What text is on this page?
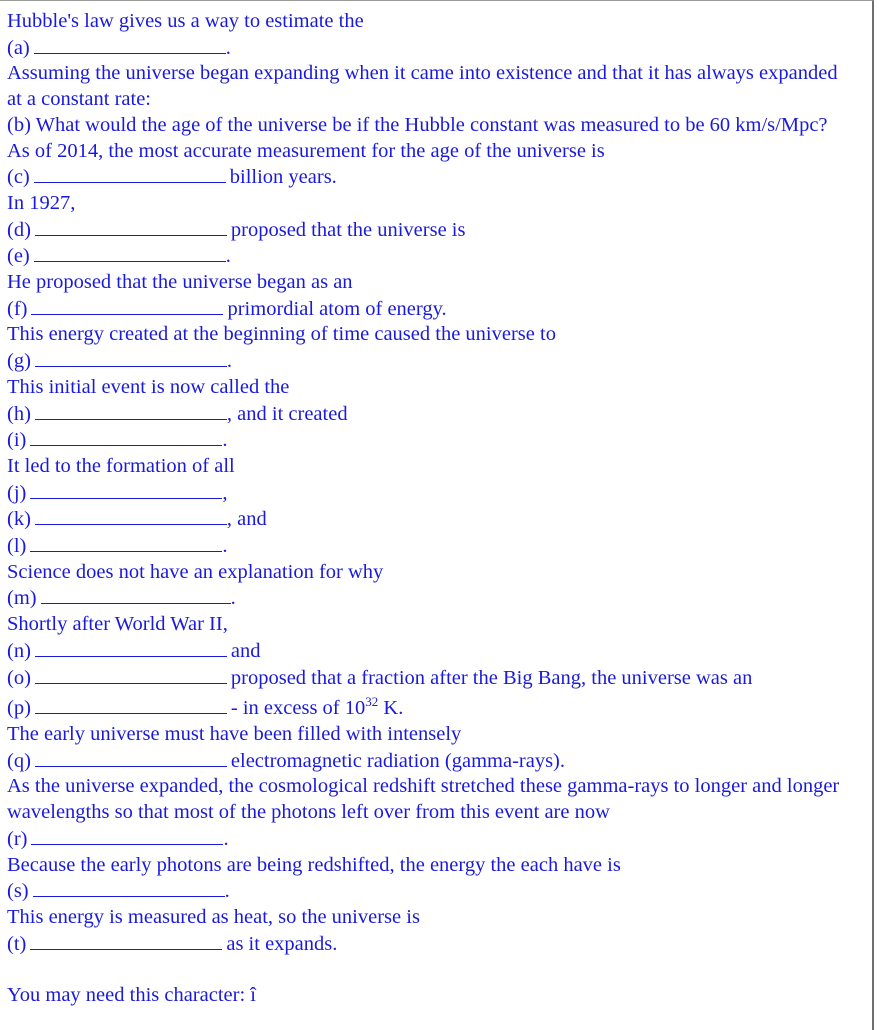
Hubble's law gives us a way to estimate the
(a)	.
Assuming the universe began expanding when it came into existence and that it has always expanded at a constant rate:
(b) What would the age of the universe be if the Hubble constant was measured to be 60 km/s/Mpc?
As of 2014, the most accurate measurement for the age of the universe is
(c)	billion years.
In 1927,
(d)	proposed that the universe is
(e)	.
He proposed that the universe began as an
(f)	primordial atom of energy.
This energy created at the beginning of time caused the universe to
(g)	.
This initial event is now called the
(h)	, and it created
(i)	.
It led to the formation of all
(j)	,
(k)	, and
(l)	.
Science does not have an explanation for why
(m)	.
Shortly after World War II,
(n)	and
(o)	proposed that a fraction after the Big Bang, the universe was an
(p)	- in excess of $10^{32}$ K.
The early universe must have been filled with intensely
(q)	electromagnetic radiation (gamma-rays).
As the universe expanded, the cosmological redshift stretched these gamma-rays to longer and longer wavelengths so that most of the photons left over from this event are now
(r)	.
Because the early photons are being redshifted, the energy the each have is
(s)	.
This energy is measured as heat, so the universe is
(t)	as it expands.
You may need this character: î
